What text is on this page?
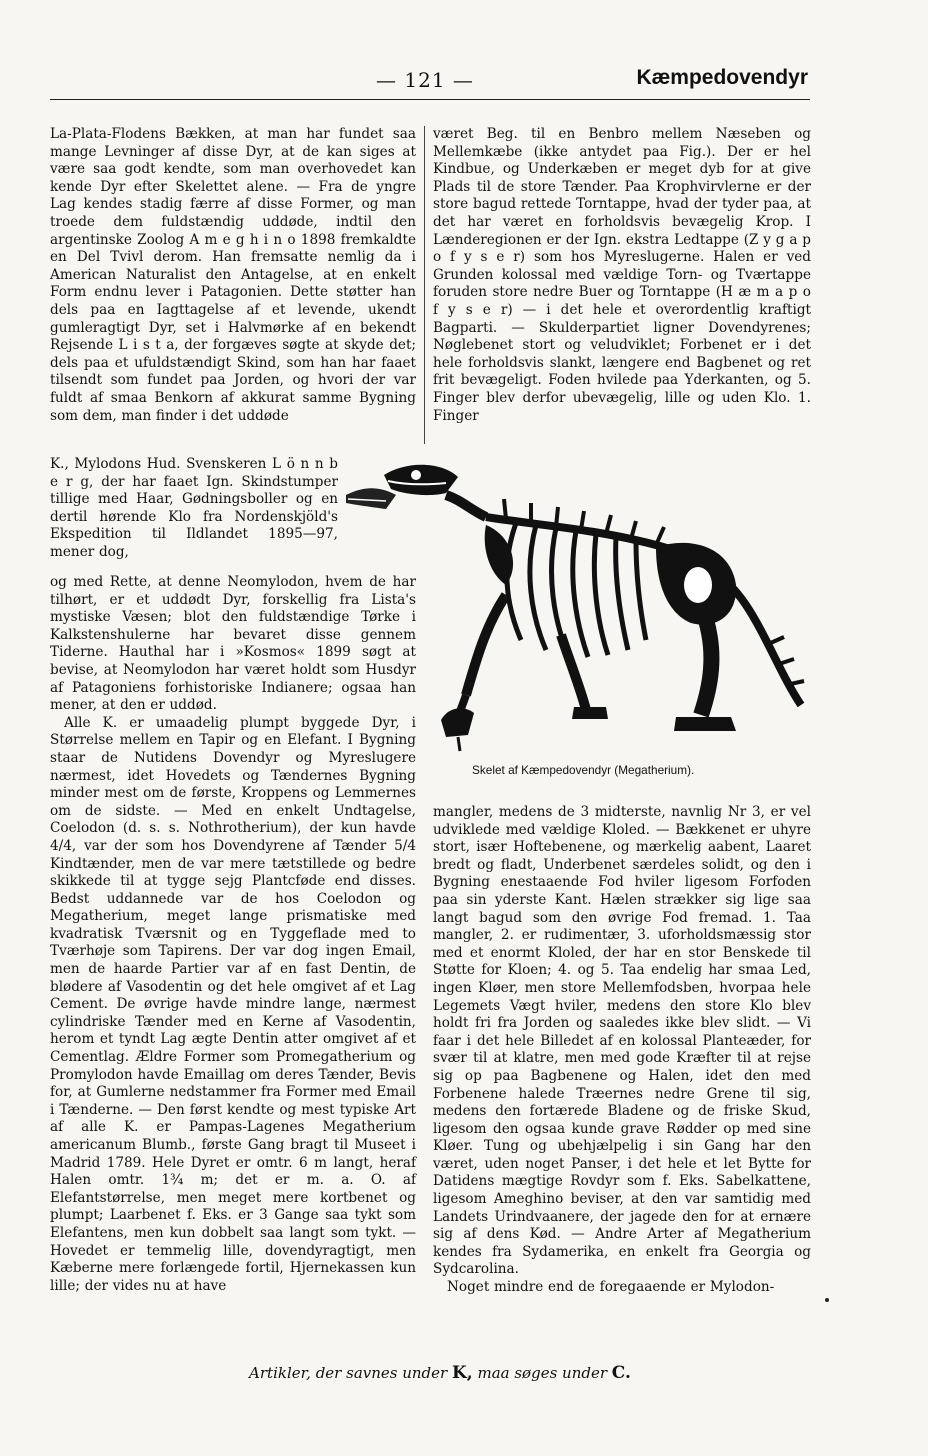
— 121 —	Kæmpedovendyr

La-Plata-Flodens Bækken, at man har fundet saa mange Levninger af disse Dyr, at de kan siges at være saa godt kendte, som man overhovedet kan kende Dyr efter Skelettet alene. — Fra de yngre Lag kendes stadig færre af disse Former, og man troede dem fuldstændig uddøde, indtil den argentinske Zoolog A m e g h i n o 1898 fremkaldte en Del Tvivl derom. Han fremsatte nemlig da i American Naturalist den Antagelse, at en enkelt Form endnu lever i Patagonien. Dette støtter han dels paa en Iagttagelse af et levende, ukendt gumleragtigt Dyr, set i Halvmørke af en bekendt Rejsende L i s t a, der forgæves søgte at skyde det; dels paa et ufuldstændigt Skind, som han har faaet tilsendt som fundet paa Jorden, og hvori der var fuldt af smaa Benkorn af akkurat samme Bygning som dem, man finder i det uddøde

K., Mylodons Hud. Svenskeren L ö n n b e r g, der har faaet Ign. Skindstumper tillige med Haar, Gødningsboller og en dertil hørende Klo fra Nordenskjöld's Ekspedition til Ildlandet 1895—97, mener dog,

og med Rette, at denne Neomylodon, hvem de har tilhørt, er et uddødt Dyr, forskellig fra Lista's mystiske Væsen; blot den fuldstændige Tørke i Kalkstenshulerne har bevaret disse gennem Tiderne. Hauthal har i »Kosmos« 1899 søgt at bevise, at Neomylodon har været holdt som Husdyr af Patagoniens forhistoriske Indianere; ogsaa han mener, at den er uddød.

Alle K. er umaadelig plumpt byggede Dyr, i Størrelse mellem en Tapir og en Elefant. I Bygning staar de Nutidens Dovendyr og Myreslugere nærmest, idet Hovedets og Tændernes Bygning minder mest om de første, Kroppens og Lemmernes om de sidste. — Med en enkelt Undtagelse, Coelodon (d. s. s. Nothrotherium), der kun havde 4/4, var der som hos Dovendyrene af Tænder 5/4 Kindtænder, men de var mere tætstillede og bedre skikkede til at tygge sejg Plantcføde end disses. Bedst uddannede var de hos Coelodon og Megatherium, meget lange prismatiske med kvadratisk Tværsnit og en Tyggeflade med to Tværhøje som Tapirens. Der var dog ingen Email, men de haarde Partier var af en fast Dentin, de blødere af Vasodentin og det hele omgivet af et Lag Cement. De øvrige havde mindre lange, nærmest cylindriske Tænder med en Kerne af Vasodentin, herom et tyndt Lag ægte Dentin atter omgivet af et Cementlag. Ældre Former som Promegatherium og Promylodon havde Emaillag om deres Tænder, Bevis for, at Gumlerne nedstammer fra Former med Email i Tænderne. — Den først kendte og mest typiske Art af alle K. er Pampas-Lagenes Megatherium americanum Blumb., første Gang bragt til Museet i Madrid 1789. Hele Dyret er omtr. 6 m langt, heraf Halen omtr. 1¾ m; det er m. a. O. af Elefantstørrelse, men meget mere kortbenet og plumpt; Laarbenet f. Eks. er 3 Gange saa tykt som Elefantens, men kun dobbelt saa langt som tykt. — Hovedet er temmelig lille, dovendyragtigt, men Kæberne mere forlængede fortil, Hjernekassen kun lille; der vides nu at have

været Beg. til en Benbro mellem Næseben og Mellemkæbe (ikke antydet paa Fig.). Der er hel Kindbue, og Underkæben er meget dyb for at give Plads til de store Tænder. Paa Krophvirvlerne er der store bagud rettede Torntappe, hvad der tyder paa, at det har været en forholdsvis bevægelig Krop. I Lænderegionen er der Ign. ekstra Ledtappe (Z y g a p o f y s e r) som hos Myreslugerne. Halen er ved Grunden kolossal med vældige Torn- og Tværtappe foruden store nedre Buer og Torntappe (H æ m a p o f y s e r) — i det hele et overordentlig kraftigt Bagparti. — Skulderpartiet ligner Dovendyrenes; Nøglebenet stort og veludviklet; Forbenet er i det hele forholdsvis slankt, længere end Bagbenet og ret frit bevægeligt. Foden hvilede paa Yderkanten, og 5. Finger blev derfor ubevægelig, lille og uden Klo. 1. Finger

Skelet af Kæmpedovendyr (Megatherium).

mangler, medens de 3 midterste, navnlig Nr 3, er vel udviklede med vældige Kloled. — Bækkenet er uhyre stort, især Hoftebenene, og mærkelig aabent, Laaret bredt og fladt, Underbenet særdeles solidt, og den i Bygning enestaaende Fod hviler ligesom Forfoden paa sin yderste Kant. Hælen strækker sig lige saa langt bagud som den øvrige Fod fremad. 1. Taa mangler, 2. er rudimentær, 3. uforholdsmæssig stor med et enormt Kloled, der har en stor Benskede til Støtte for Kloen; 4. og 5. Taa endelig har smaa Led, ingen Kløer, men store Mellemfodsben, hvorpaa hele Legemets Vægt hviler, medens den store Klo blev holdt fri fra Jorden og saaledes ikke blev slidt. — Vi faar i det hele Billedet af en kolossal Planteæder, for svær til at klatre, men med gode Kræfter til at rejse sig op paa Bagbenene og Halen, idet den med Forbenene halede Træernes nedre Grene til sig, medens den fortærede Bladene og de friske Skud, ligesom den ogsaa kunde grave Rødder op med sine Kløer. Tung og ubehjælpelig i sin Gang har den været, uden noget Panser, i det hele et let Bytte for Datidens mægtige Rovdyr som f. Eks. Sabelkattene, ligesom Ameghino beviser, at den var samtidig med Landets Urindvaanere, der jagede den for at ernære sig af dens Kød. — Andre Arter af Megatherium kendes fra Sydamerika, en enkelt fra Georgia og Sydcarolina.

Noget mindre end de foregaaende er Mylodon-

Artikler, der savnes under K, maa søges under C.
